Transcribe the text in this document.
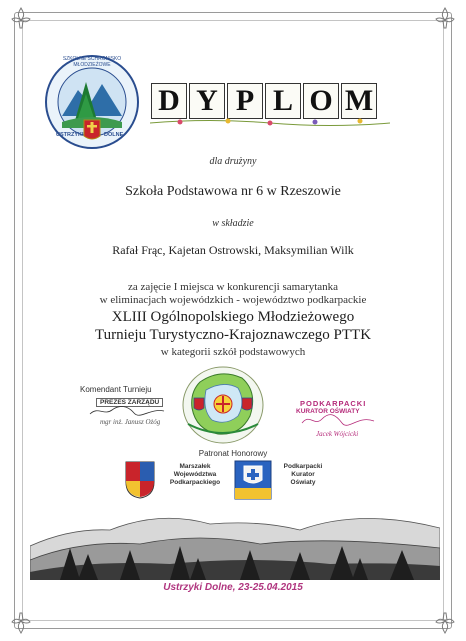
SZKOLNE SCHRONISKO MŁODZIEŻOWE
USTRZYKI	DOLNE
D Y P L O M
dla drużyny
Szkoła Podstawowa nr 6 w Rzeszowie
w składzie
Rafał Frąc, Kajetan Ostrowski, Maksymilian Wilk
za zajęcie I miejsca w konkurencji samarytanka
w eliminacjach wojewódzkich - województwo podkarpackie
XLIII Ogólnopolskiego Młodzieżowego
Turnieju Turystyczno-Krajoznawczego PTTK
w kategorii szkół podstawowych
Komendant Turnieju
PREZES ZARZĄDU
mgr inż. Janusz Ożóg
PODKARPACKI
KURATOR OŚWIATY
Jacek Wójcicki
Patronat Honorowy
Marszałek
Województwa
Podkarpackiego
Podkarpacki
Kurator
Oświaty
Ustrzyki Dolne, 23-25.04.2015
